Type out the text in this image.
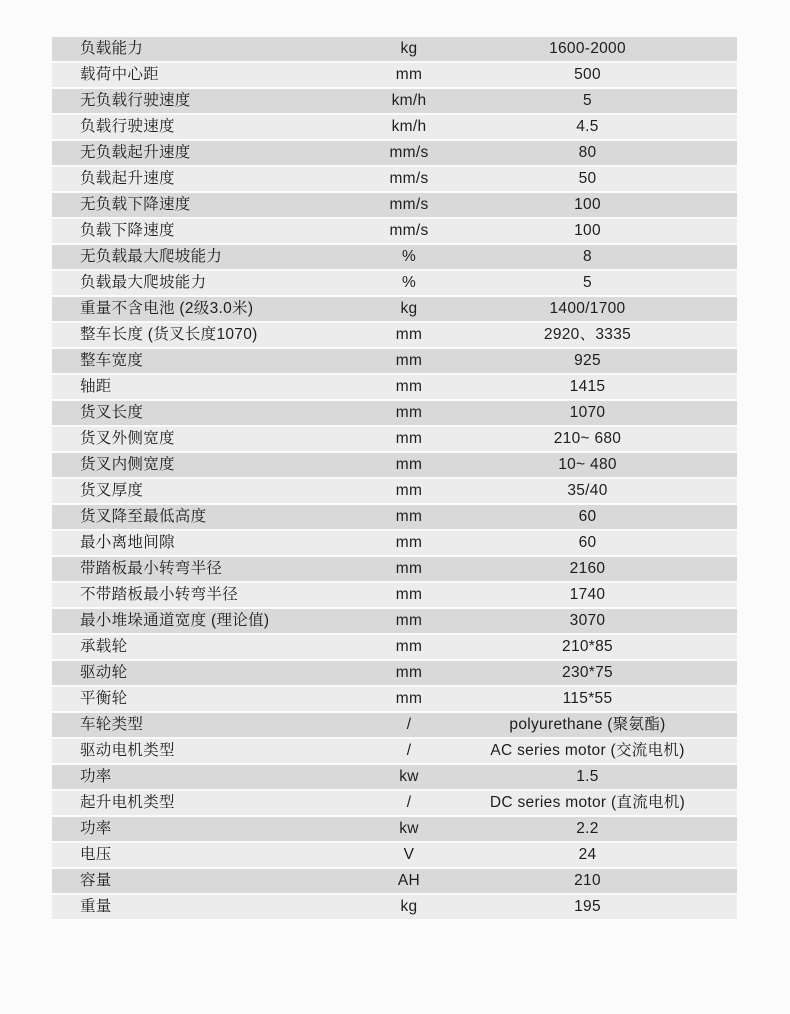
负载能力	kg	1600-2000
载荷中心距	mm	500
无负载行驶速度	km/h	5
负载行驶速度	km/h	4.5
无负载起升速度	mm/s	80
负载起升速度	mm/s	50
无负载下降速度	mm/s	100
负载下降速度	mm/s	100
无负载最大爬坡能力	%	8
负载最大爬坡能力	%	5
重量不含电池 (2级3.0米)	kg	1400/1700
整车长度 (货叉长度1070)	mm	2920、3335
整车宽度	mm	925
轴距	mm	1415
货叉长度	mm	1070
货叉外侧宽度	mm	210~ 680
货叉内侧宽度	mm	10~ 480
货叉厚度	mm	35/40
货叉降至最低高度	mm	60
最小离地间隙	mm	60
带踏板最小转弯半径	mm	2160
不带踏板最小转弯半径	mm	1740
最小堆垛通道宽度 (理论值)	mm	3070
承载轮	mm	210*85
驱动轮	mm	230*75
平衡轮	mm	115*55
车轮类型	/	polyurethane (聚氨酯)
驱动电机类型	/	AC series motor (交流电机)
功率	kw	1.5
起升电机类型	/	DC series motor (直流电机)
功率	kw	2.2
电压	V	24
容量	AH	210
重量	kg	195
